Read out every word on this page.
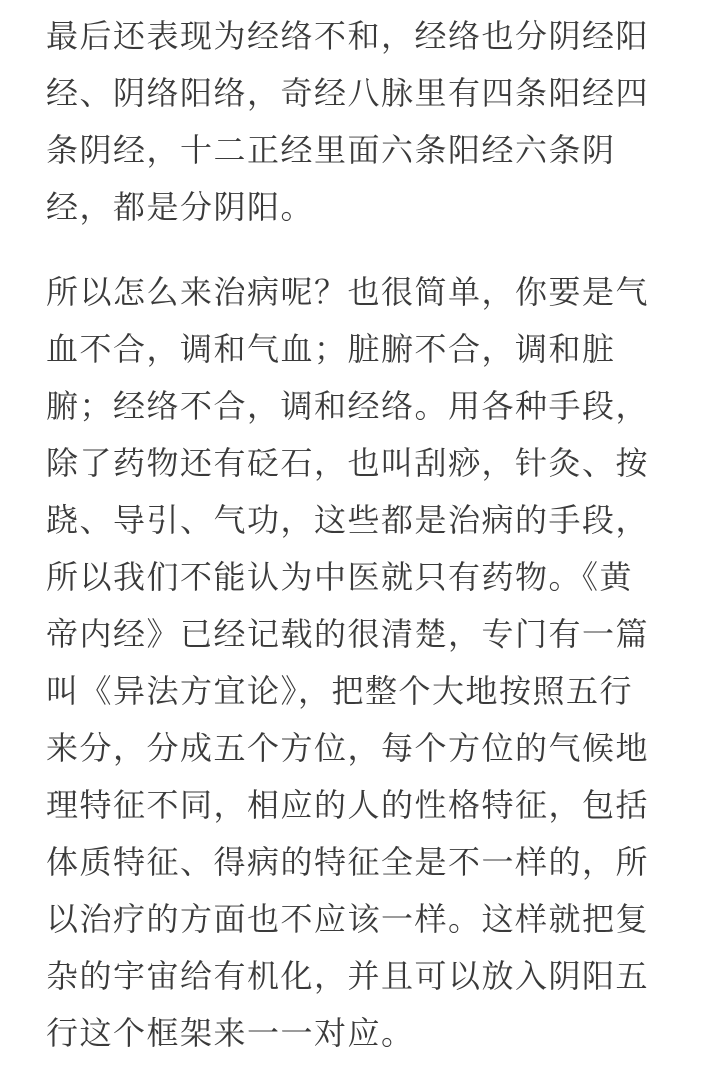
最后还表现为经络不和，经络也分阴经阳
经、阴络阳络，奇经八脉里有四条阳经四
条阴经，十二正经里面六条阳经六条阴
经，都是分阴阳。
所以怎么来治病呢？也很简单，你要是气
血不合，调和气血；脏腑不合，调和脏
腑；经络不合，调和经络。用各种手段，
除了药物还有砭石，也叫刮痧，针灸、按
跷、导引、气功，这些都是治病的手段，
所以我们不能认为中医就只有药物。《黄
帝内经》已经记载的很清楚，专门有一篇
叫《异法方宜论》，把整个大地按照五行
来分，分成五个方位，每个方位的气候地
理特征不同，相应的人的性格特征，包括
体质特征、得病的特征全是不一样的，所
以治疗的方面也不应该一样。这样就把复
杂的宇宙给有机化，并且可以放入阴阳五
行这个框架来一一对应。
